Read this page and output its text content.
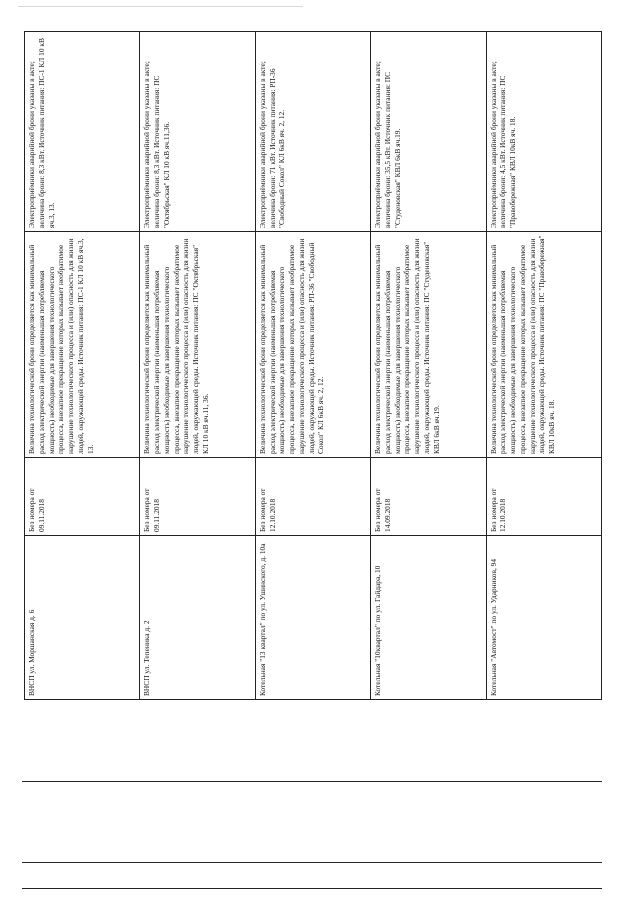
ВНСП ул. Моршанская д. 6	Без номера от 09.11.2018	Величина технологической брони определяется как минимальный расход электрической энергии (наименьшая потребляемая мощность) необходимые для завершения технологического процесса, внезапное прекращение которых вызывает необратимое нарушение технологического процесса и (или) опасность для жизни людей, окружающей среды. Источник питания: ПС-1 КЛ 10 кВ яч.3, 13.	Электроприёмники аварийной брони указаны в акте; величина брони: 8,3 кВт. Источник питания: ПС-1 КЛ 10 кВ яч.3, 13.
ВНСП ул. Тепеника д. 2	Без номера от 09.11.2018	Величина технологической брони определяется как минимальный расход электрической энергии (наименьшая потребляемая мощность) необходимые для завершения технологического процесса, внезапное прекращение которых вызывает необратимое нарушение технологического процесса и (или) опасность для жизни людей, окружающей среды. Источник питания: ПС "Октябрьская" КЛ 10 кВ яч.11, 36.	Электроприёмники аварийной брони указаны в акте; величина брони: 8,3 кВт. Источник питания: ПС "Октябрьская" КЛ 10 кВ яч.11,36.
Котельная "13 квартал" по ул. Ушинского, д. 10а	Без номера от 12.10.2018	Величина технологической брони определяется как минимальный расход электрической энергии (наименьшая потребляемая мощность) необходимые для завершения технологического процесса, внезапное прекращение которых вызывает необратимое нарушение технологического процесса и (или) опасность для жизни людей, окружающей среды. Источник питания: РП-36 "Свободный Сокол" КЛ 6кВ яч. 2, 12.	Электроприёмники аварийной брони указаны в акте; величина брони: 71 кВт. Источник питания: РП-36 "Свободный Сокол" КЛ 6кВ яч. 2, 12.
Котельная "10квартал" по ул. Гайдара, 10	Без номера от 14.09.2018	Величина технологической брони определяется как минимальный расход электрической энергии (наименьшая потребляемая мощность) необходимые для завершения технологического процесса, внезапное прекращение которых вызывает необратимое нарушение технологического процесса и (или) опасность для жизни людей, окружающей среды. Источник питания: ПС "Студеновская" КВЛ 6кВ яч.19.	Электроприёмники аварийной брони указаны в акте; величина брони: 35,5 кВт. Источник питания: ПС "Студеновская" КВЛ 6кВ яч.19.
Котельная "Автомост" по ул. Ударников, 94	Без номера от 12.10.2018	Величина технологической брони определяется как минимальный расход электрической энергии (наименьшая потребляемая мощность) необходимые для завершения технологического процесса, внезапное прекращение которых вызывает необратимое нарушение технологического процесса и (или) опасность для жизни людей, окружающей среды. Источник питания: ПС "Правобережная" КВЛ 10кВ яч. 18.	Электроприёмники аварийной брони указаны в акте; величина брони: 4,5 кВт. Источник питания: ПС "Правобережная" КВЛ 10кВ яч. 18.
